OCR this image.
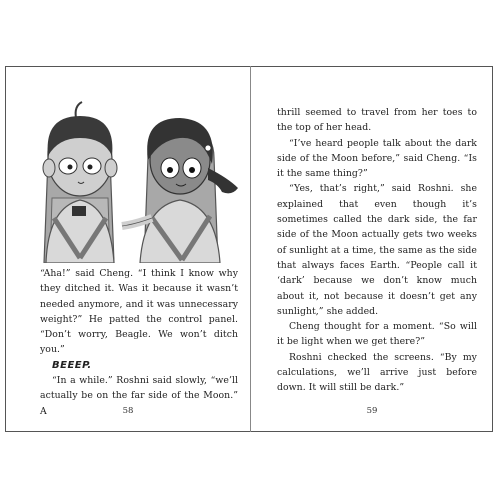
“Aha!” said Cheng. “I think I know why they ditched it. Was it because it wasn’t needed anymore, and it was unnecessary weight?” He patted the control panel. “Don’t worry, Beagle. We won’t ditch you.”

BEEEP.

“In a while.” Roshni said slowly, “we’ll actually be on the far side of the Moon.” A	58

thrill seemed to travel from her toes to the top of her head.

“I’ve heard people talk about the dark side of the Moon before,” said Cheng. “Is it the same thing?”

“Yes, that’s right,” said Roshni. she explained that even though it’s sometimes called the dark side, the far side of the Moon actually gets two weeks of sunlight at a time, the same as the side that always faces Earth. “People call it ‘dark’ because we don’t know much about it, not because it doesn’t get any sunlight,” she added.

Cheng thought for a moment. “So will it be light when we get there?”

Roshni checked the screens. “By my calculations, we’ll arrive just before down. It will still be dark.”

59
